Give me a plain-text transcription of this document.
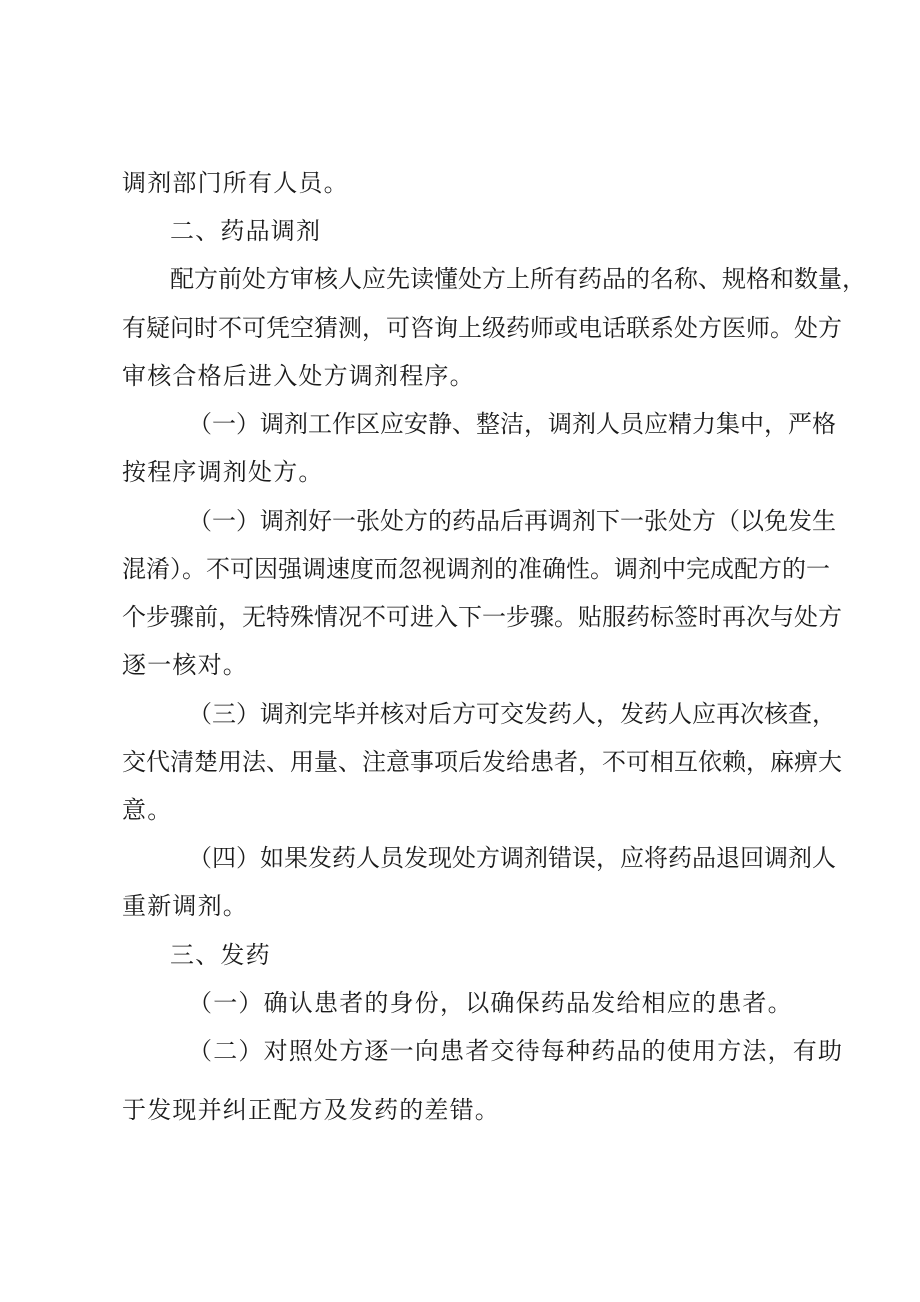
调剂部门所有人员。
二、药品调剂
配方前处方审核人应先读懂处方上所有药品的名称、规格和数量，
有疑问时不可凭空猜测，可咨询上级药师或电话联系处方医师。处方
审核合格后进入处方调剂程序。
（一）调剂工作区应安静、整洁，调剂人员应精力集中，严格
按程序调剂处方。
（一）调剂好一张处方的药品后再调剂下一张处方（以免发生
混淆）。不可因强调速度而忽视调剂的准确性。调剂中完成配方的一
个步骤前，无特殊情况不可进入下一步骤。贴服药标签时再次与处方
逐一核对。
（三）调剂完毕并核对后方可交发药人，发药人应再次核查，
交代清楚用法、用量、注意事项后发给患者，不可相互依赖，麻痹大
意。
（四）如果发药人员发现处方调剂错误，应将药品退回调剂人
重新调剂。
三、发药
（一）确认患者的身份，以确保药品发给相应的患者。
（二）对照处方逐一向患者交待每种药品的使用方法，有助
于发现并纠正配方及发药的差错。
